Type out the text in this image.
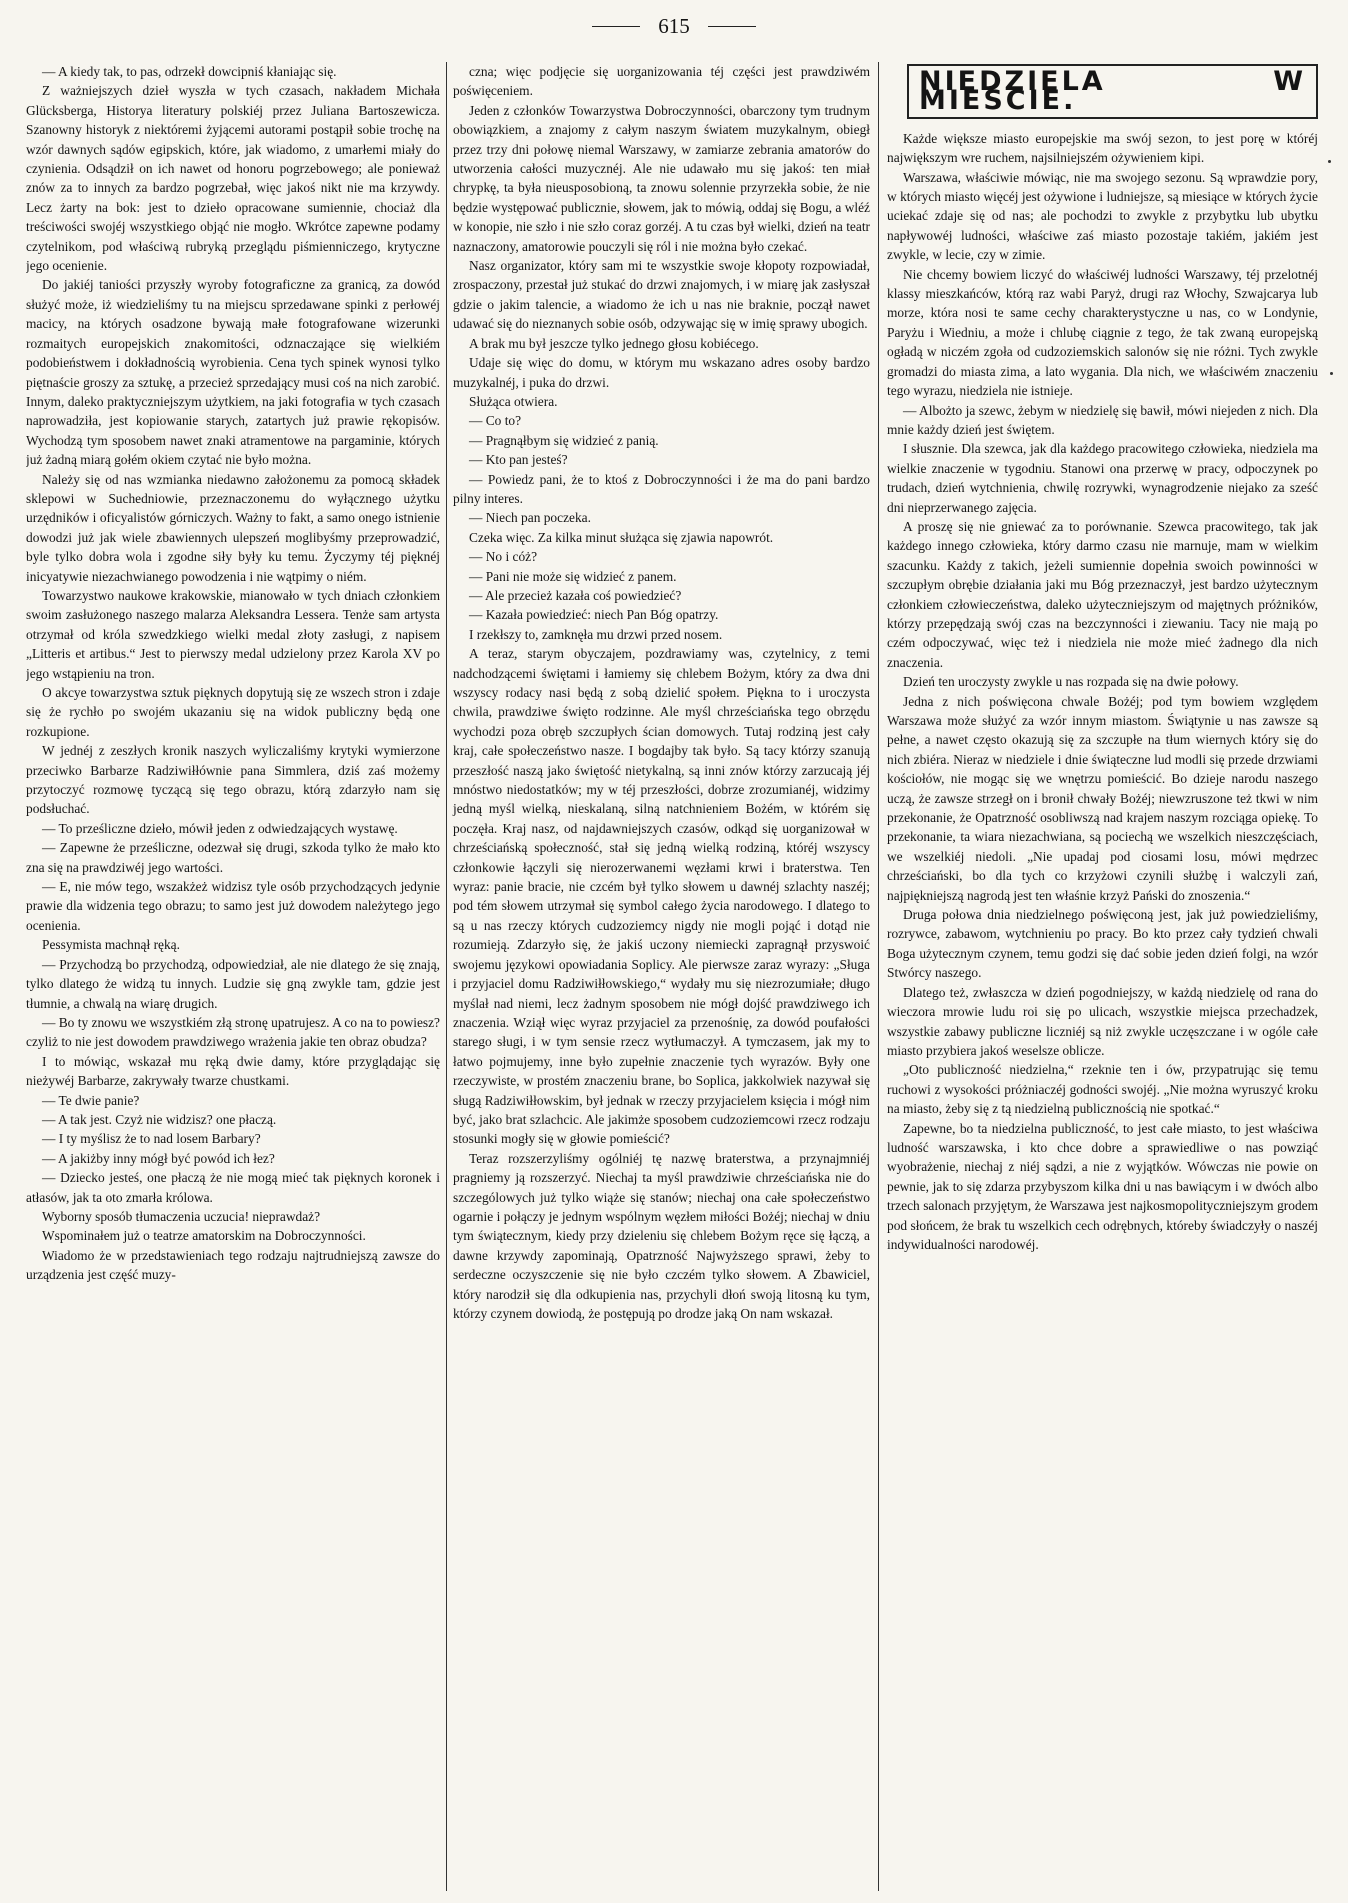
615

— A kiedy tak, to pas, odrzekł dowcipniś kłaniając się.

Z ważniejszych dzieł wyszła w tych czasach, nakładem Michała Glücksberga, Historya literatury polskiéj przez Juliana Bartoszewicza. Szanowny historyk z niektóremi żyjącemi autorami postąpił sobie trochę na wzór dawnych sądów egipskich, które, jak wiadomo, z umarłemi miały do czynienia. Odsądził on ich nawet od honoru pogrzebowego; ale ponieważ znów za to innych za bardzo pogrzebał, więc jakoś nikt nie ma krzywdy. Lecz żarty na bok: jest to dzieło opracowane sumiennie, chociaż dla treściwości swojéj wszystkiego objąć nie mogło. Wkrótce zapewne podamy czytelnikom, pod właściwą rubryką przeglądu piśmienniczego, krytyczne jego ocenienie.

Do jakiéj taniości przyszły wyroby fotograficzne za granicą, za dowód służyć może, iż wiedzieliśmy tu na miejscu sprzedawane spinki z perłowéj macicy, na których osadzone bywają małe fotografowane wizerunki rozmaitych europejskich znakomitości, odznaczające się wielkiém podobieństwem i dokładnością wyrobienia. Cena tych spinek wynosi tylko piętnaście groszy za sztukę, a przecież sprzedający musi coś na nich zarobić. Innym, daleko praktyczniejszym użytkiem, na jaki fotografia w tych czasach naprowadziła, jest kopiowanie starych, zatartych już prawie rękopisów. Wychodzą tym sposobem nawet znaki atramentowe na pargaminie, których już żadną miarą gołém okiem czytać nie było można.

Należy się od nas wzmianka niedawno założonemu za pomocą składek sklepowi w Suchedniowie, przeznaczonemu do wyłącznego użytku urzędników i oficyalistów górniczych. Ważny to fakt, a samo onego istnienie dowodzi już jak wiele zbawiennych ulepszeń moglibyśmy przeprowadzić, byle tylko dobra wola i zgodne siły były ku temu. Życzymy téj pięknéj inicyatywie niezachwianego powodzenia i nie wątpimy o niém.

Towarzystwo naukowe krakowskie, mianowało w tych dniach członkiem swoim zasłużonego naszego malarza Aleksandra Lessera. Tenże sam artysta otrzymał od króla szwedzkiego wielki medal złoty zasługi, z napisem „Litteris et artibus.“ Jest to pierwszy medal udzielony przez Karola XV po jego wstąpieniu na tron.

O akcye towarzystwa sztuk pięknych dopytują się ze wszech stron i zdaje się że rychło po swojém ukazaniu się na widok publiczny będą one rozkupione.

W jednéj z zeszłych kronik naszych wyliczaliśmy krytyki wymierzone przeciwko Barbarze Radziwiłłównie pana Simmlera, dziś zaś możemy przytoczyć rozmowę tyczącą się tego obrazu, którą zdarzyło nam się podsłuchać.

— To prześliczne dzieło, mówił jeden z odwiedzających wystawę.

— Zapewne że prześliczne, odezwał się drugi, szkoda tylko że mało kto zna się na prawdziwéj jego wartości.

— E, nie mów tego, wszakżeż widzisz tyle osób przychodzących jedynie prawie dla widzenia tego obrazu; to samo jest już dowodem należytego jego ocenienia.

Pessymista machnął ręką.

— Przychodzą bo przychodzą, odpowiedział, ale nie dlatego że się znają, tylko dlatego że widzą tu innych. Ludzie się gną zwykle tam, gdzie jest tłumnie, a chwalą na wiarę drugich.

— Bo ty znowu we wszystkiém złą stronę upatrujesz. A co na to powiesz? czyliż to nie jest dowodem prawdziwego wrażenia jakie ten obraz obudza?

I to mówiąc, wskazał mu ręką dwie damy, które przyglądając się nieżywéj Barbarze, zakrywały twarze chustkami.

— Te dwie panie?

— A tak jest. Czyż nie widzisz? one płaczą.

— I ty myślisz że to nad losem Barbary?

— A jakiżby inny mógł być powód ich łez?

— Dziecko jesteś, one płaczą że nie mogą mieć tak pięknych koronek i atłasów, jak ta oto zmarła królowa.

Wyborny sposób tłumaczenia uczucia! nieprawdaż?

Wspominałem już o teatrze amatorskim na Dobroczynności.

Wiadomo że w przedstawieniach tego rodzaju najtrudniejszą zawsze do urządzenia jest część muzy-

czna; więc podjęcie się uorganizowania téj części jest prawdziwém poświęceniem.

Jeden z członków Towarzystwa Dobroczynności, obarczony tym trudnym obowiązkiem, a znajomy z całym naszym światem muzykalnym, obiegł przez trzy dni połowę niemal Warszawy, w zamiarze zebrania amatorów do utworzenia całości muzycznéj. Ale nie udawało mu się jakoś: ten miał chrypkę, ta była nieusposobioną, ta znowu solennie przyrzekła sobie, że nie będzie występować publicznie, słowem, jak to mówią, oddaj się Bogu, a wléź w konopie, nie szło i nie szło coraz gorzéj. A tu czas był wielki, dzień na teatr naznaczony, amatorowie pouczyli się ról i nie można było czekać.

Nasz organizator, który sam mi te wszystkie swoje kłopoty rozpowiadał, zrospaczony, przestał już stukać do drzwi znajomych, i w miarę jak zasłyszał gdzie o jakim talencie, a wiadomo że ich u nas nie braknie, począł nawet udawać się do nieznanych sobie osób, odzywając się w imię sprawy ubogich.

A brak mu był jeszcze tylko jednego głosu kobiécego.

Udaje się więc do domu, w którym mu wskazano adres osoby bardzo muzykalnéj, i puka do drzwi.

Służąca otwiera.

— Co to?

— Pragnąłbym się widzieć z panią.

— Kto pan jesteś?

— Powiedz pani, że to ktoś z Dobroczynności i że ma do pani bardzo pilny interes.

— Niech pan poczeka.

Czeka więc. Za kilka minut służąca się zjawia napowrót.

— No i cóż?

— Pani nie może się widzieć z panem.

— Ale przecież kazała coś powiedzieć?

— Kazała powiedzieć: niech Pan Bóg opatrzy.

I rzekłszy to, zamknęła mu drzwi przed nosem.

A teraz, starym obyczajem, pozdrawiamy was, czytelnicy, z temi nadchodzącemi świętami i łamiemy się chlebem Bożym, który za dwa dni wszyscy rodacy nasi będą z sobą dzielić społem. Piękna to i uroczysta chwila, prawdziwe święto rodzinne. Ale myśl chrześciańska tego obrzędu wychodzi poza obręb szczupłych ścian domowych. Tutaj rodziną jest cały kraj, całe społeczeństwo nasze. I bogdajby tak było. Są tacy którzy szanują przeszłość naszą jako świętość nietykalną, są inni znów którzy zarzucają jéj mnóstwo niedostatków; my w téj przeszłości, dobrze zrozumianéj, widzimy jedną myśl wielką, nieskalaną, silną natchnieniem Bożém, w którém się poczęła. Kraj nasz, od najdawniejszych czasów, odkąd się uorganizował w chrześciańską społeczność, stał się jedną wielką rodziną, któréj wszyscy członkowie łączyli się nierozerwanemi węzłami krwi i braterstwa. Ten wyraz: panie bracie, nie czcém był tylko słowem u dawnéj szlachty naszéj; pod tém słowem utrzymał się symbol całego życia narodowego. I dlatego to są u nas rzeczy których cudzoziemcy nigdy nie mogli pojąć i dotąd nie rozumieją. Zdarzyło się, że jakiś uczony niemiecki zapragnął przyswoić swojemu językowi opowiadania Soplicy. Ale pierwsze zaraz wyrazy: „Sługa i przyjaciel domu Radziwiłłowskiego,“ wydały mu się niezrozumiałe; długo myślał nad niemi, lecz żadnym sposobem nie mógł dojść prawdziwego ich znaczenia. Wziął więc wyraz przyjaciel za przenośnię, za dowód poufałości starego sługi, i w tym sensie rzecz wytłumaczył. A tymczasem, jak my to łatwo pojmujemy, inne było zupełnie znaczenie tych wyrazów. Były one rzeczywiste, w prostém znaczeniu brane, bo Soplica, jakkolwiek nazywał się sługą Radziwiłłowskim, był jednak w rzeczy przyjacielem księcia i mógł nim być, jako brat szlachcic. Ale jakimże sposobem cudzoziemcowi rzecz rodzaju stosunki mogły się w głowie pomieścić?

Teraz rozszerzyliśmy ogólniéj tę nazwę braterstwa, a przynajmniéj pragniemy ją rozszerzyć. Niechaj ta myśl prawdziwie chrześciańska nie do szczególowych już tylko wiąże się stanów; niechaj ona całe społeczeństwo ogarnie i połączy je jednym wspólnym węzłem miłości Bożéj; niechaj w dniu tym świątecznym, kiedy przy dzieleniu się chlebem Bożym ręce się łączą, a dawne krzywdy zapominają, Opatrzność Najwyższego sprawi, żeby to serdeczne oczyszczenie się nie było czczém tylko słowem. A Zbawiciel, który narodził się dla odkupienia nas, przychyli dłoń swoją litosną ku tym, którzy czynem dowiodą, że postępują po drodze jaką On nam wskazał.

NIEDZIELA W MIEŚCIE.

Każde większe miasto europejskie ma swój sezon, to jest porę w któréj największym wre ruchem, najsilniejszém ożywieniem kipi.

Warszawa, właściwie mówiąc, nie ma swojego sezonu. Są wprawdzie pory, w których miasto więcéj jest ożywione i ludniejsze, są miesiące w których życie uciekać zdaje się od nas; ale pochodzi to zwykle z przybytku lub ubytku napływowéj ludności, właściwe zaś miasto pozostaje takiém, jakiém jest zwykle, w lecie, czy w zimie.

Nie chcemy bowiem liczyć do właściwéj ludności Warszawy, téj przelotnéj klassy mieszkańców, którą raz wabi Paryż, drugi raz Włochy, Szwajcarya lub morze, która nosi te same cechy charakterystyczne u nas, co w Londynie, Paryżu i Wiedniu, a może i chlubę ciągnie z tego, że tak zwaną europejską ogładą w niczém zgoła od cudzoziemskich salonów się nie różni. Tych zwykle gromadzi do miasta zima, a lato wygania. Dla nich, we właściwém znaczeniu tego wyrazu, niedziela nie istnieje.

— Albożto ja szewc, żebym w niedzielę się bawił, mówi niejeden z nich. Dla mnie każdy dzień jest świętem.

I słusznie. Dla szewca, jak dla każdego pracowitego człowieka, niedziela ma wielkie znaczenie w tygodniu. Stanowi ona przerwę w pracy, odpoczynek po trudach, dzień wytchnienia, chwilę rozrywki, wynagrodzenie niejako za sześć dni nieprzerwanego zajęcia.

A proszę się nie gniewać za to porównanie. Szewca pracowitego, tak jak każdego innego człowieka, który darmo czasu nie marnuje, mam w wielkim szacunku. Każdy z takich, jeżeli sumiennie dopełnia swoich powinności w szczupłym obrębie działania jaki mu Bóg przeznaczył, jest bardzo użytecznym członkiem człowieczeństwa, daleko użyteczniejszym od majętnych próżników, którzy przepędzają swój czas na bezczynności i ziewaniu. Tacy nie mają po czém odpoczywać, więc też i niedziela nie może mieć żadnego dla nich znaczenia.

Dzień ten uroczysty zwykle u nas rozpada się na dwie połowy.

Jedna z nich poświęcona chwale Bożéj; pod tym bowiem względem Warszawa może służyć za wzór innym miastom. Świątynie u nas zawsze są pełne, a nawet często okazują się za szczupłe na tłum wiernych który się do nich zbiéra. Nieraz w niedziele i dnie świąteczne lud modli się przede drzwiami kościołów, nie mogąc się we wnętrzu pomieścić. Bo dzieje narodu naszego uczą, że zawsze strzegł on i bronił chwały Bożéj; niewzruszone też tkwi w nim przekonanie, że Opatrzność osobliwszą nad krajem naszym rozciąga opiekę. To przekonanie, ta wiara niezachwiana, są pociechą we wszelkich nieszczęściach, we wszelkiéj niedoli. „Nie upadaj pod ciosami losu, mówi mędrzec chrześciański, bo dla tych co krzyżowi czynili służbę i walczyli zań, najpiękniejszą nagrodą jest ten właśnie krzyż Pański do znoszenia.“

Druga połowa dnia niedzielnego poświęconą jest, jak już powiedzieliśmy, rozrywce, zabawom, wytchnieniu po pracy. Bo kto przez cały tydzień chwali Boga użytecznym czynem, temu godzi się dać sobie jeden dzień folgi, na wzór Stwórcy naszego.

Dlatego też, zwłaszcza w dzień pogodniejszy, w każdą niedzielę od rana do wieczora mrowie ludu roi się po ulicach, wszystkie miejsca przechadzek, wszystkie zabawy publiczne liczniéj są niż zwykle uczęszczane i w ogóle całe miasto przybiera jakoś weselsze oblicze.

„Oto publiczność niedzielna,“ rzeknie ten i ów, przypatrując się temu ruchowi z wysokości próżniaczéj godności swojéj. „Nie można wyruszyć kroku na miasto, żeby się z tą niedzielną publicznością nie spotkać.“

Zapewne, bo ta niedzielna publiczność, to jest całe miasto, to jest właściwa ludność warszawska, i kto chce dobre a sprawiedliwe o nas powziąć wyobrażenie, niechaj z niéj sądzi, a nie z wyjątków. Wówczas nie powie on pewnie, jak to się zdarza przybyszom kilka dni u nas bawiącym i w dwóch albo trzech salonach przyjętym, że Warszawa jest najkosmopolityczniejszym grodem pod słońcem, że brak tu wszelkich cech odrębnych, któreby świadczyły o naszéj indywidualności narodowéj.
